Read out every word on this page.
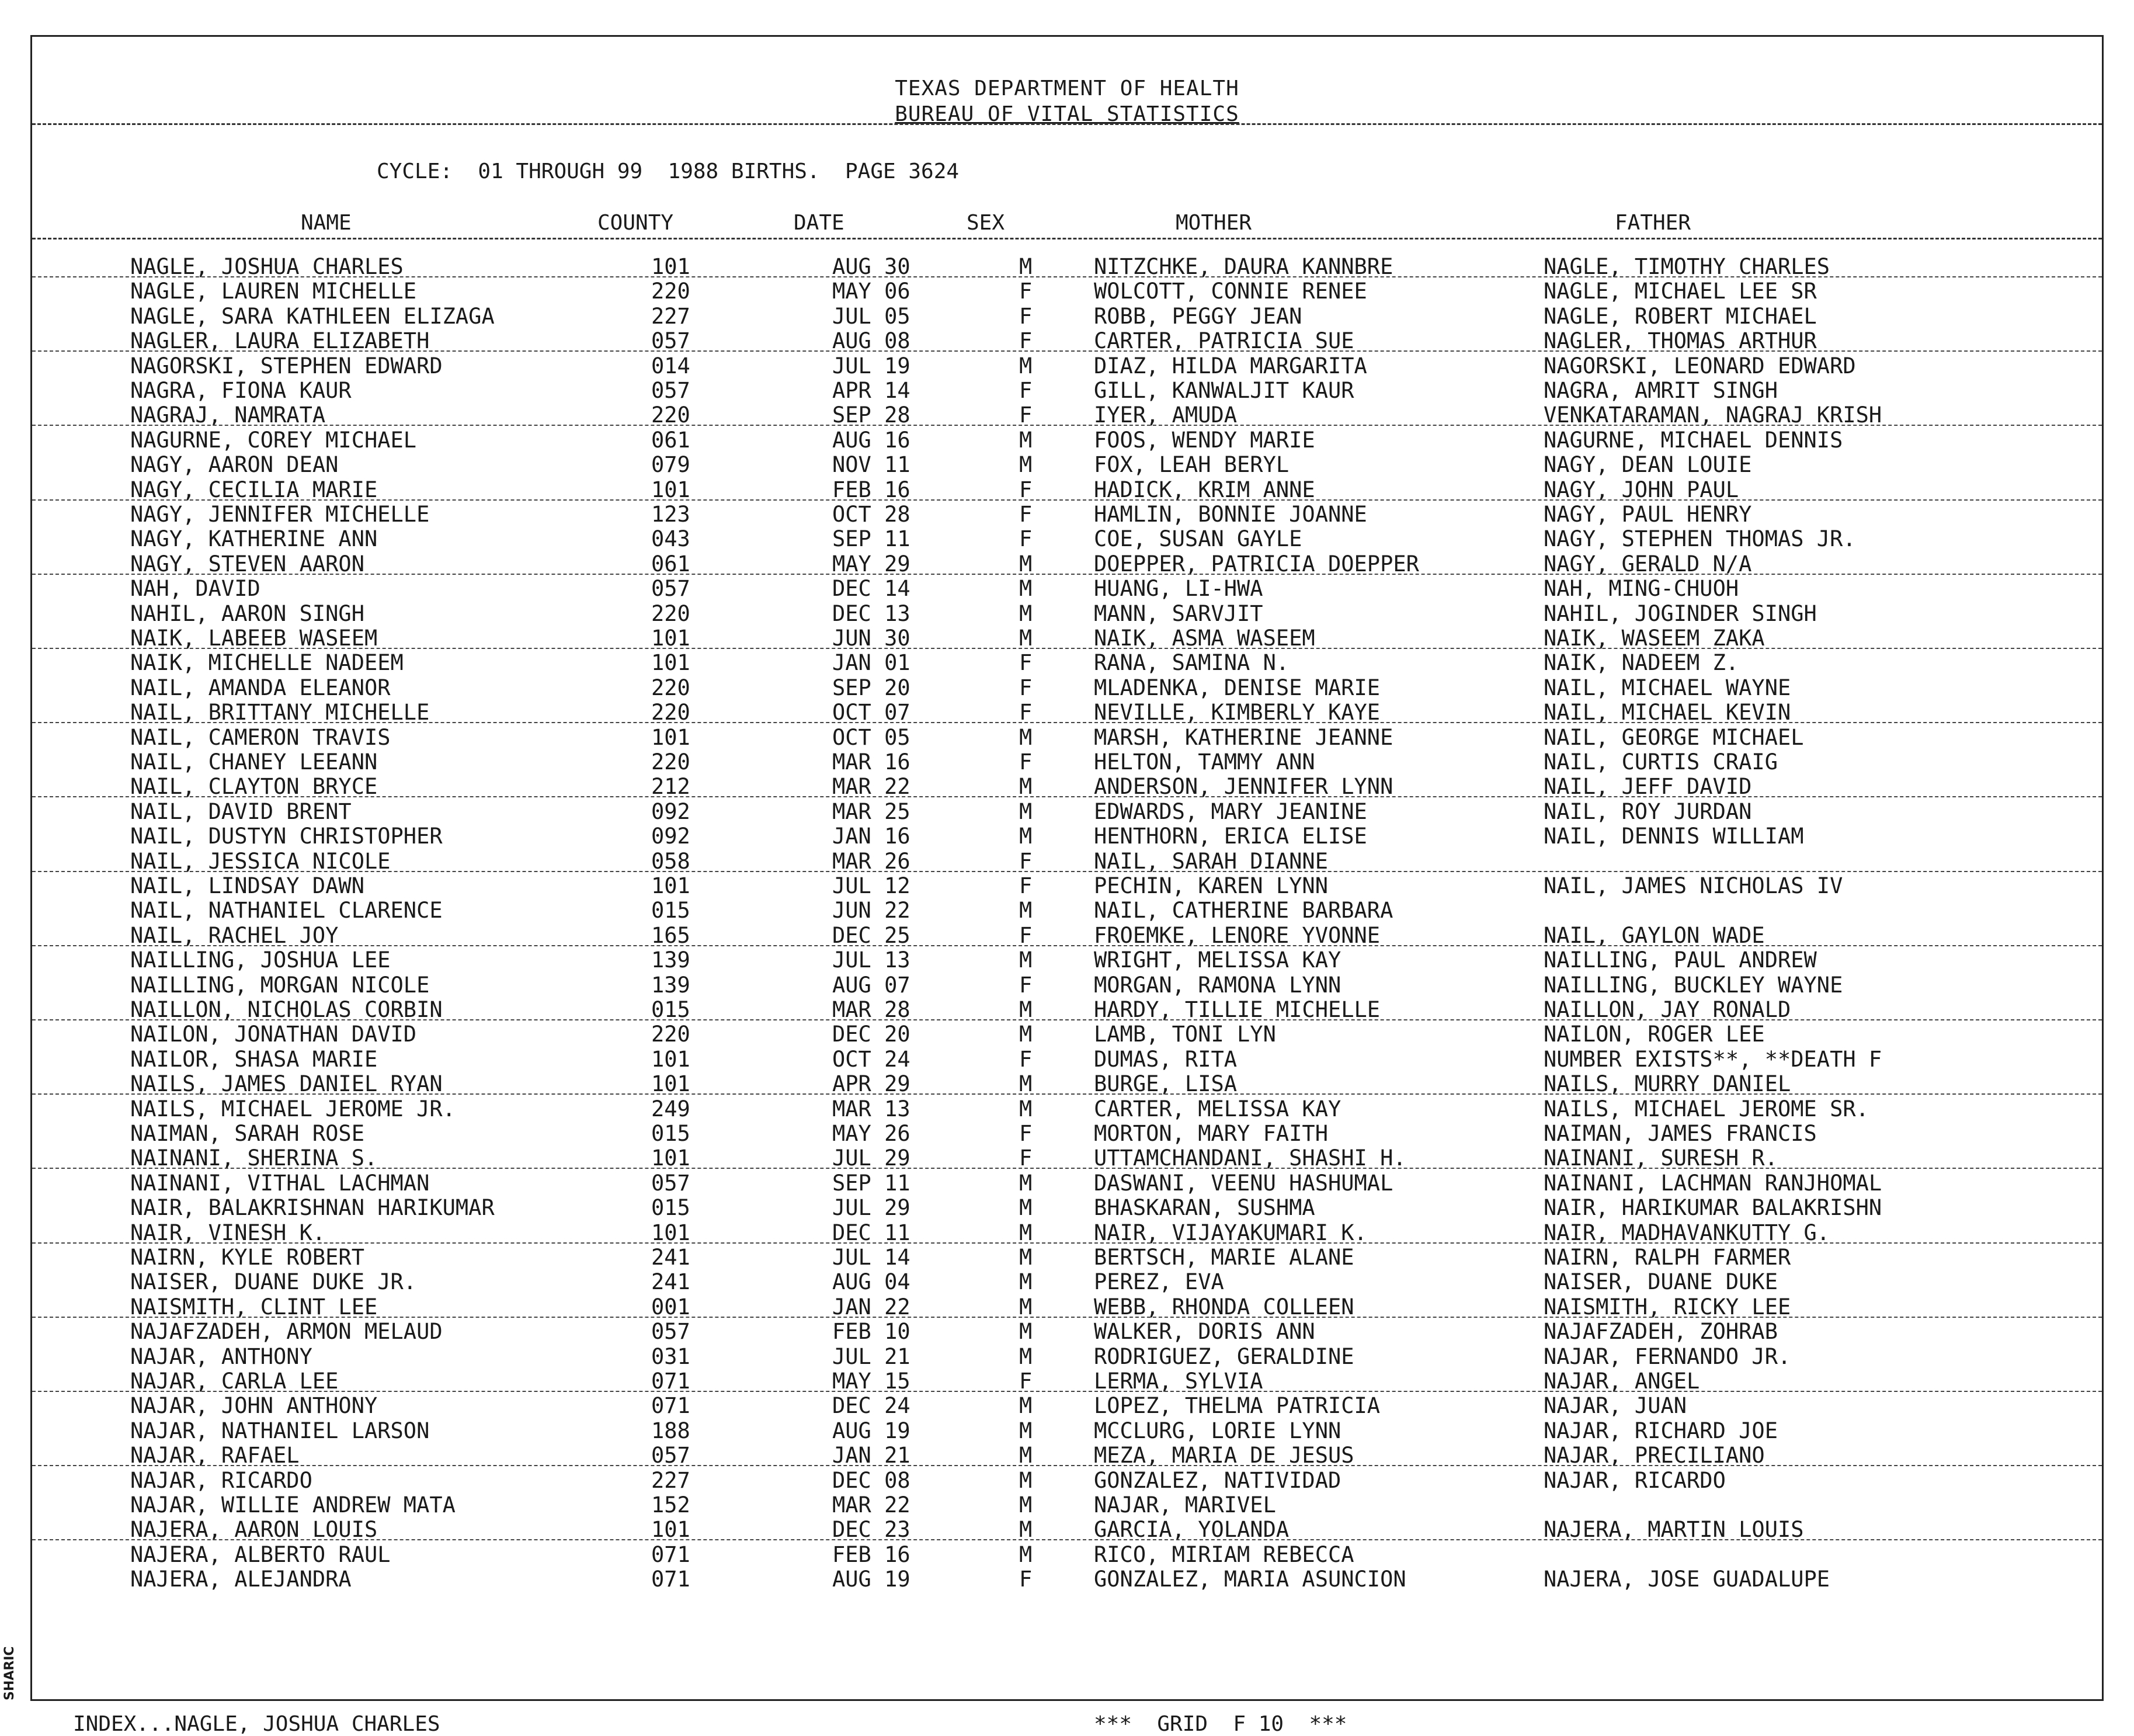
SHARIC
TEXAS DEPARTMENT OF HEALTH
BUREAU OF VITAL STATISTICS
CYCLE: 01 THROUGH 99 1988 BIRTHS. PAGE 3624
NAME	COUNTY	DATE	SEX	MOTHER	FATHER
NAGLE, JOSHUA CHARLES	101	AUG 30	M	NITZCHKE, DAURA KANNBRE	NAGLE, TIMOTHY CHARLES
NAGLE, LAUREN MICHELLE	220	MAY 06	F	WOLCOTT, CONNIE RENEE	NAGLE, MICHAEL LEE SR
NAGLE, SARA KATHLEEN ELIZAGA	227	JUL 05	F	ROBB, PEGGY JEAN	NAGLE, ROBERT MICHAEL
NAGLER, LAURA ELIZABETH	057	AUG 08	F	CARTER, PATRICIA SUE	NAGLER, THOMAS ARTHUR
NAGORSKI, STEPHEN EDWARD	014	JUL 19	M	DIAZ, HILDA MARGARITA	NAGORSKI, LEONARD EDWARD
NAGRA, FIONA KAUR	057	APR 14	F	GILL, KANWALJIT KAUR	NAGRA, AMRIT SINGH
NAGRAJ, NAMRATA	220	SEP 28	F	IYER, AMUDA	VENKATARAMAN, NAGRAJ KRISH
NAGURNE, COREY MICHAEL	061	AUG 16	M	FOOS, WENDY MARIE	NAGURNE, MICHAEL DENNIS
NAGY, AARON DEAN	079	NOV 11	M	FOX, LEAH BERYL	NAGY, DEAN LOUIE
NAGY, CECILIA MARIE	101	FEB 16	F	HADICK, KRIM ANNE	NAGY, JOHN PAUL
NAGY, JENNIFER MICHELLE	123	OCT 28	F	HAMLIN, BONNIE JOANNE	NAGY, PAUL HENRY
NAGY, KATHERINE ANN	043	SEP 11	F	COE, SUSAN GAYLE	NAGY, STEPHEN THOMAS JR.
NAGY, STEVEN AARON	061	MAY 29	M	DOEPPER, PATRICIA DOEPPER	NAGY, GERALD N/A
NAH, DAVID	057	DEC 14	M	HUANG, LI-HWA	NAH, MING-CHUOH
NAHIL, AARON SINGH	220	DEC 13	M	MANN, SARVJIT	NAHIL, JOGINDER SINGH
NAIK, LABEEB WASEEM	101	JUN 30	M	NAIK, ASMA WASEEM	NAIK, WASEEM ZAKA
NAIK, MICHELLE NADEEM	101	JAN 01	F	RANA, SAMINA N.	NAIK, NADEEM Z.
NAIL, AMANDA ELEANOR	220	SEP 20	F	MLADENKA, DENISE MARIE	NAIL, MICHAEL WAYNE
NAIL, BRITTANY MICHELLE	220	OCT 07	F	NEVILLE, KIMBERLY KAYE	NAIL, MICHAEL KEVIN
NAIL, CAMERON TRAVIS	101	OCT 05	M	MARSH, KATHERINE JEANNE	NAIL, GEORGE MICHAEL
NAIL, CHANEY LEEANN	220	MAR 16	F	HELTON, TAMMY ANN	NAIL, CURTIS CRAIG
NAIL, CLAYTON BRYCE	212	MAR 22	M	ANDERSON, JENNIFER LYNN	NAIL, JEFF DAVID
NAIL, DAVID BRENT	092	MAR 25	M	EDWARDS, MARY JEANINE	NAIL, ROY JURDAN
NAIL, DUSTYN CHRISTOPHER	092	JAN 16	M	HENTHORN, ERICA ELISE	NAIL, DENNIS WILLIAM
NAIL, JESSICA NICOLE	058	MAR 26	F	NAIL, SARAH DIANNE
NAIL, LINDSAY DAWN	101	JUL 12	F	PECHIN, KAREN LYNN	NAIL, JAMES NICHOLAS IV
NAIL, NATHANIEL CLARENCE	015	JUN 22	M	NAIL, CATHERINE BARBARA
NAIL, RACHEL JOY	165	DEC 25	F	FROEMKE, LENORE YVONNE	NAIL, GAYLON WADE
NAILLING, JOSHUA LEE	139	JUL 13	M	WRIGHT, MELISSA KAY	NAILLING, PAUL ANDREW
NAILLING, MORGAN NICOLE	139	AUG 07	F	MORGAN, RAMONA LYNN	NAILLING, BUCKLEY WAYNE
NAILLON, NICHOLAS CORBIN	015	MAR 28	M	HARDY, TILLIE MICHELLE	NAILLON, JAY RONALD
NAILON, JONATHAN DAVID	220	DEC 20	M	LAMB, TONI LYN	NAILON, ROGER LEE
NAILOR, SHASA MARIE	101	OCT 24	F	DUMAS, RITA	NUMBER EXISTS**, **DEATH F
NAILS, JAMES DANIEL RYAN	101	APR 29	M	BURGE, LISA	NAILS, MURRY DANIEL
NAILS, MICHAEL JEROME JR.	249	MAR 13	M	CARTER, MELISSA KAY	NAILS, MICHAEL JEROME SR.
NAIMAN, SARAH ROSE	015	MAY 26	F	MORTON, MARY FAITH	NAIMAN, JAMES FRANCIS
NAINANI, SHERINA S.	101	JUL 29	F	UTTAMCHANDANI, SHASHI H.	NAINANI, SURESH R.
NAINANI, VITHAL LACHMAN	057	SEP 11	M	DASWANI, VEENU HASHUMAL	NAINANI, LACHMAN RANJHOMAL
NAIR, BALAKRISHNAN HARIKUMAR	015	JUL 29	M	BHASKARAN, SUSHMA	NAIR, HARIKUMAR BALAKRISHN
NAIR, VINESH K.	101	DEC 11	M	NAIR, VIJAYAKUMARI K.	NAIR, MADHAVANKUTTY G.
NAIRN, KYLE ROBERT	241	JUL 14	M	BERTSCH, MARIE ALANE	NAIRN, RALPH FARMER
NAISER, DUANE DUKE JR.	241	AUG 04	M	PEREZ, EVA	NAISER, DUANE DUKE
NAISMITH, CLINT LEE	001	JAN 22	M	WEBB, RHONDA COLLEEN	NAISMITH, RICKY LEE
NAJAFZADEH, ARMON MELAUD	057	FEB 10	M	WALKER, DORIS ANN	NAJAFZADEH, ZOHRAB
NAJAR, ANTHONY	031	JUL 21	M	RODRIGUEZ, GERALDINE	NAJAR, FERNANDO JR.
NAJAR, CARLA LEE	071	MAY 15	F	LERMA, SYLVIA	NAJAR, ANGEL
NAJAR, JOHN ANTHONY	071	DEC 24	M	LOPEZ, THELMA PATRICIA	NAJAR, JUAN
NAJAR, NATHANIEL LARSON	188	AUG 19	M	MCCLURG, LORIE LYNN	NAJAR, RICHARD JOE
NAJAR, RAFAEL	057	JAN 21	M	MEZA, MARIA DE JESUS	NAJAR, PRECILIANO
NAJAR, RICARDO	227	DEC 08	M	GONZALEZ, NATIVIDAD	NAJAR, RICARDO
NAJAR, WILLIE ANDREW MATA	152	MAR 22	M	NAJAR, MARIVEL
NAJERA, AARON LOUIS	101	DEC 23	M	GARCIA, YOLANDA	NAJERA, MARTIN LOUIS
NAJERA, ALBERTO RAUL	071	FEB 16	M	RICO, MIRIAM REBECCA
NAJERA, ALEJANDRA	071	AUG 19	F	GONZALEZ, MARIA ASUNCION	NAJERA, JOSE GUADALUPE
INDEX...NAGLE, JOSHUA CHARLES	***  GRID  F 10  ***
